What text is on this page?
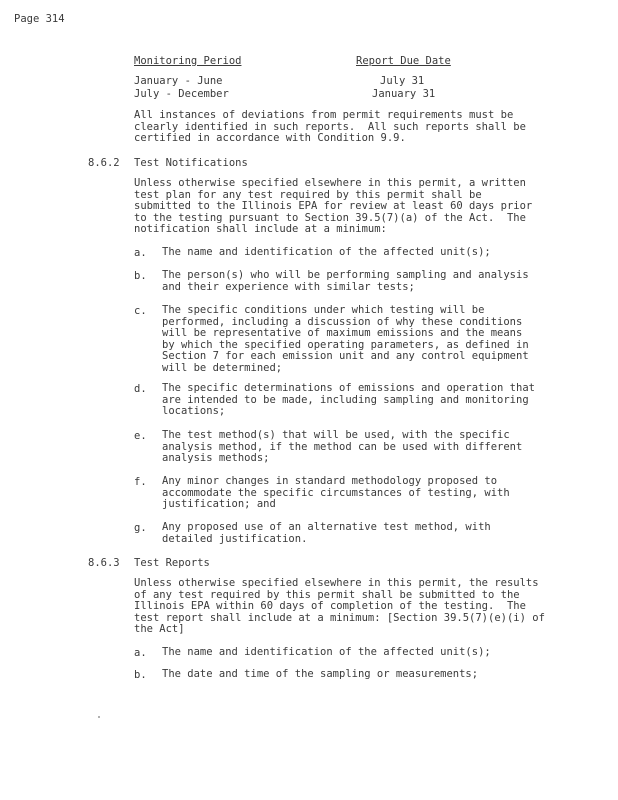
Page 314
Monitoring Period	Report Due Date
January - June	July 31
July - December	January 31
All instances of deviations from permit requirements must be
clearly identified in such reports.  All such reports shall be
certified in accordance with Condition 9.9.
8.6.2 Test Notifications
Unless otherwise specified elsewhere in this permit, a written
test plan for any test required by this permit shall be
submitted to the Illinois EPA for review at least 60 days prior
to the testing pursuant to Section 39.5(7)(a) of the Act.  The
notification shall include at a minimum:
a. The name and identification of the affected unit(s);
b. The person(s) who will be performing sampling and analysis
and their experience with similar tests;
c. The specific conditions under which testing will be
performed, including a discussion of why these conditions
will be representative of maximum emissions and the means
by which the specified operating parameters, as defined in
Section 7 for each emission unit and any control equipment
will be determined;
d. The specific determinations of emissions and operation that
are intended to be made, including sampling and monitoring
locations;
e. The test method(s) that will be used, with the specific
analysis method, if the method can be used with different
analysis methods;
f. Any minor changes in standard methodology proposed to
accommodate the specific circumstances of testing, with
justification; and
g. Any proposed use of an alternative test method, with
detailed justification.
8.6.3 Test Reports
Unless otherwise specified elsewhere in this permit, the results
of any test required by this permit shall be submitted to the
Illinois EPA within 60 days of completion of the testing.  The
test report shall include at a minimum: [Section 39.5(7)(e)(i) of
the Act]
a. The name and identification of the affected unit(s);
b. The date and time of the sampling or measurements;
